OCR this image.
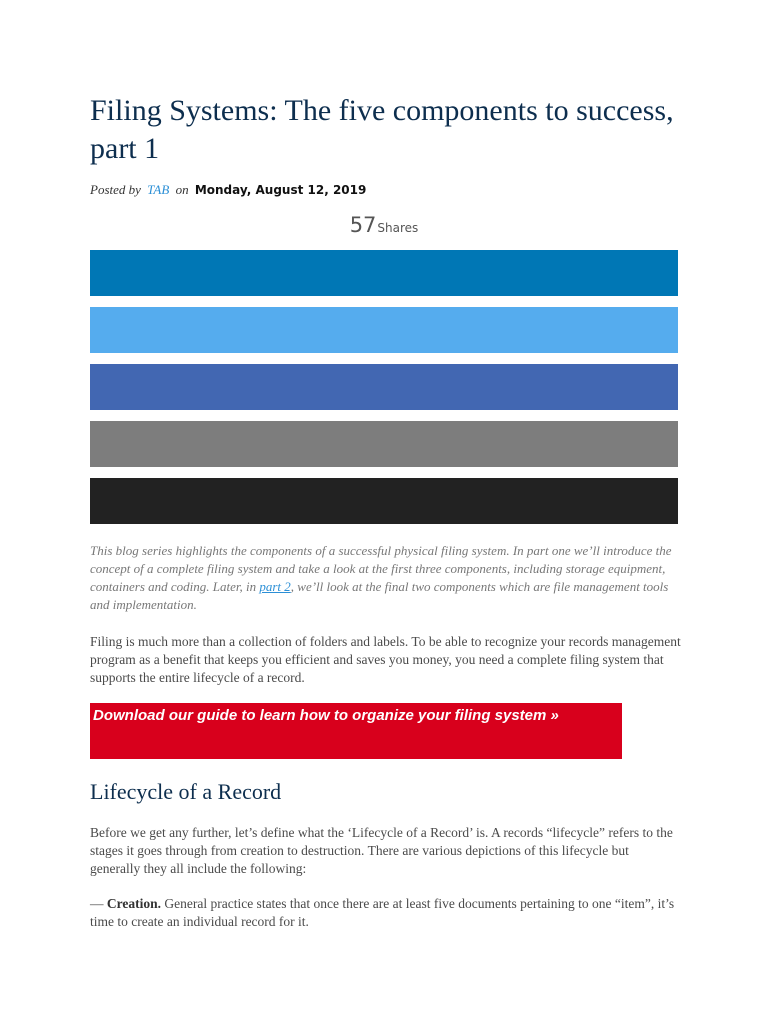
Filing Systems: The five components to success, part 1
Posted by TAB on Monday, August 12, 2019
57Shares

This blog series highlights the components of a successful physical filing system. In part one we’ll introduce the concept of a complete filing system and take a look at the first three components, including storage equipment, containers and coding. Later, in part 2, we’ll look at the final two components which are file management tools and implementation.

Filing is much more than a collection of folders and labels. To be able to recognize your records management program as a benefit that keeps you efficient and saves you money, you need a complete filing system that supports the entire lifecycle of a record.

Download our guide to learn how to organize your filing system »
Lifecycle of a Record

Before we get any further, let’s define what the ‘Lifecycle of a Record’ is. A records “lifecycle” refers to the stages it goes through from creation to destruction. There are various depictions of this lifecycle but generally they all include the following:

— Creation. General practice states that once there are at least five documents pertaining to one “item”, it’s time to create an individual record for it.
